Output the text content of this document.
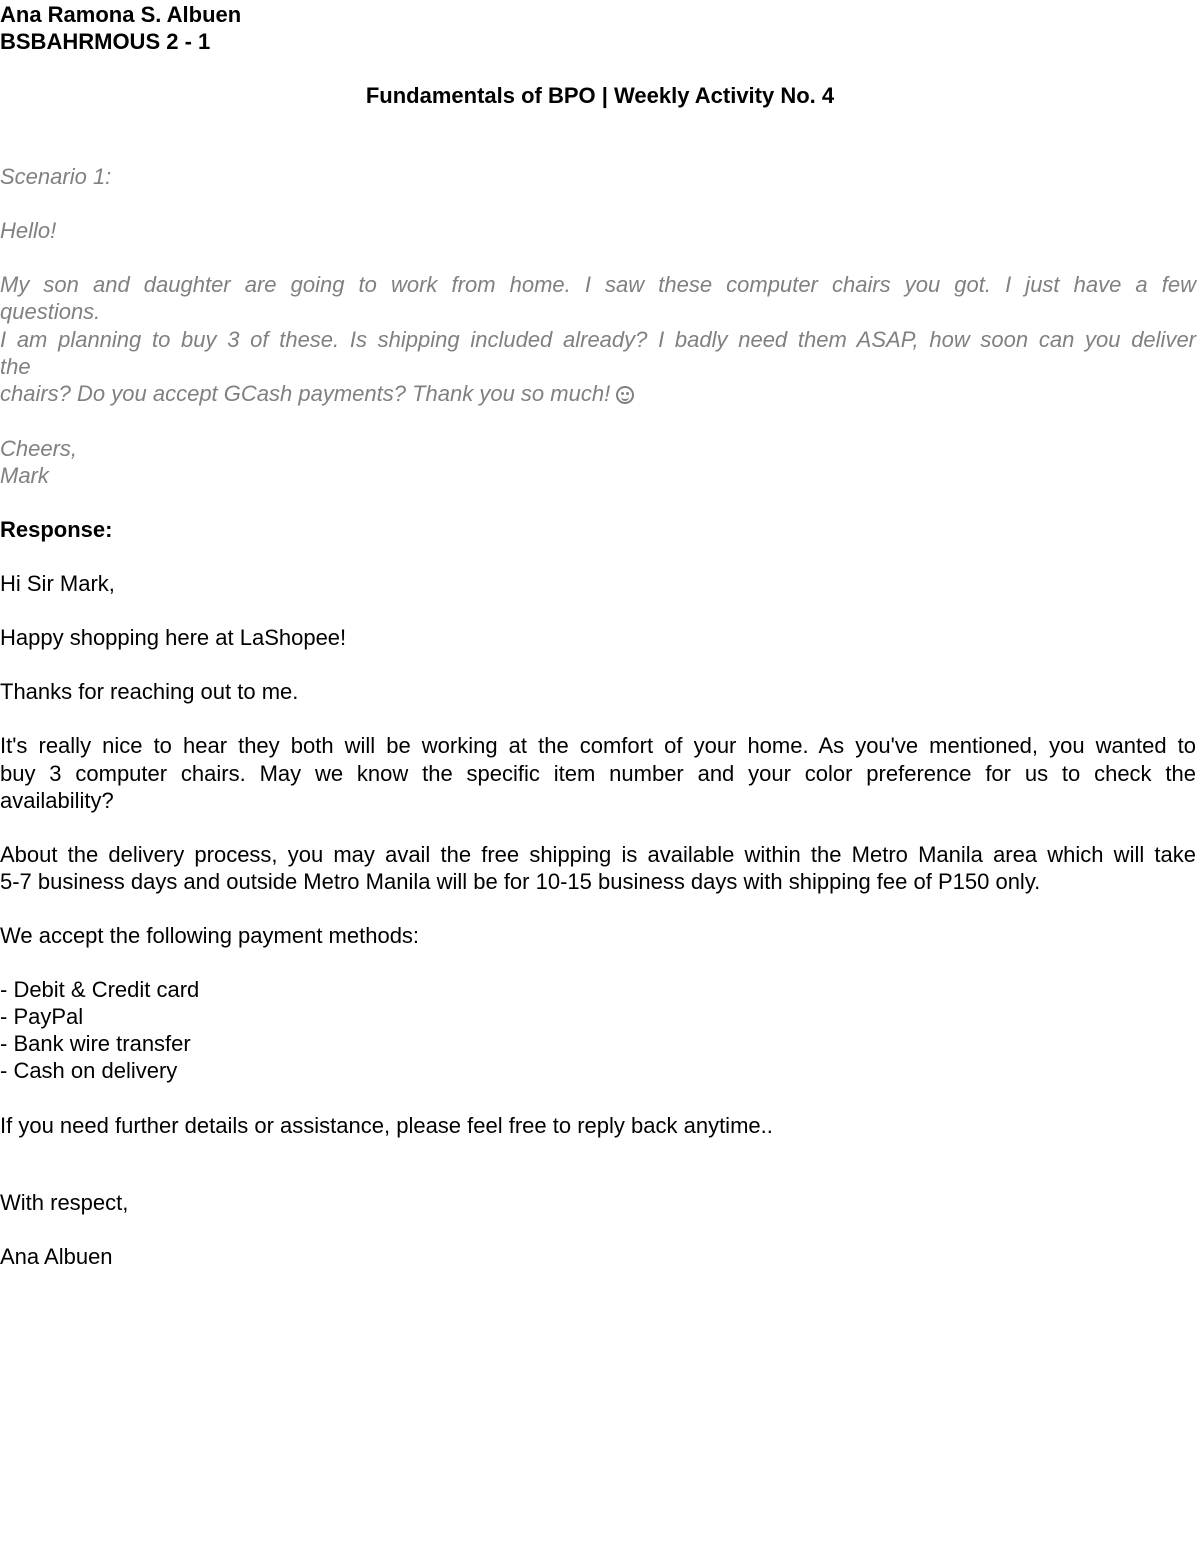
Ana Ramona S. Albuen
BSBAHRMOUS 2 - 1
Fundamentals of BPO | Weekly Activity No. 4
Scenario 1:
Hello!
My son and daughter are going to work from home. I saw these computer chairs you got. I just have a few
questions.
I am planning to buy 3 of these. Is shipping included already? I badly need them ASAP, how soon can you deliver
the
chairs? Do you accept GCash payments? Thank you so much!
Cheers,
Mark
Response:
Hi Sir Mark,
Happy shopping here at LaShopee!
Thanks for reaching out to me.
It's really nice to hear they both will be working at the comfort of your home. As you've mentioned, you wanted to
buy 3 computer chairs. May we know the specific item number and your color preference for us to check the
availability?
About the delivery process, you may avail the free shipping is available within the Metro Manila area which will take
5-7 business days and outside Metro Manila will be for 10-15 business days with shipping fee of P150 only.
We accept the following payment methods:
- Debit & Credit card
- PayPal
- Bank wire transfer
- Cash on delivery
If you need further details or assistance, please feel free to reply back anytime..
With respect,
Ana Albuen
